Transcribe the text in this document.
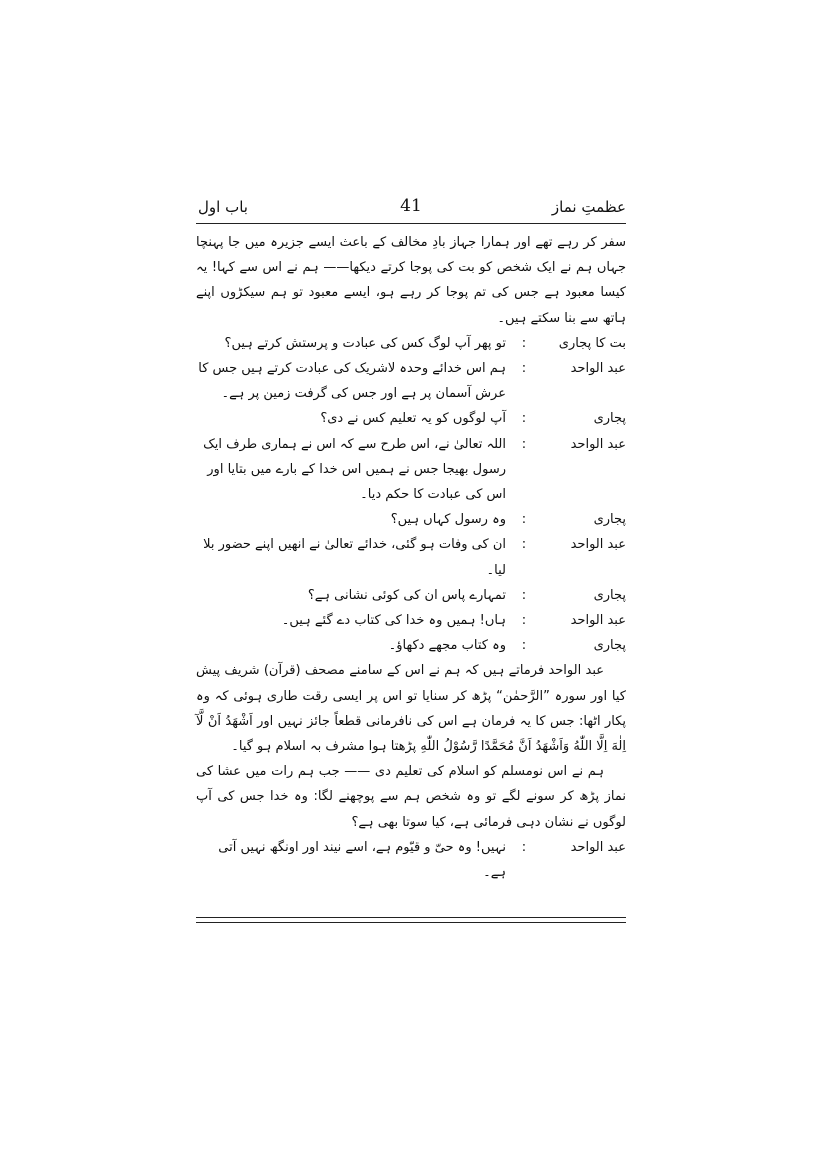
عظمتِ نماز
41
باب اول

سفر کر رہے تھے اور ہمارا جہاز بادِ مخالف کے باعث ایسے جزیرہ میں جا پہنچا جہاں ہم نے ایک شخص کو بت کی پوجا کرتے دیکھا—— ہم نے اس سے کہا! یہ کیسا معبود ہے جس کی تم پوجا کر رہے ہو، ایسے معبود تو ہم سیکڑوں اپنے ہاتھ سے بنا سکتے ہیں۔

بت کا پجاری
:
تو پھر آپ لوگ کس کی عبادت و پرستش کرتے ہیں؟
عبد الواحد
:
ہم اس خدائے وحدہ لاشریک کی عبادت کرتے ہیں جس کا عرش آسمان پر ہے اور جس کی گرفت زمین پر ہے۔
پجاری
:
آپ لوگوں کو یہ تعلیم کس نے دی؟
عبد الواحد
:
اللہ تعالیٰ نے، اس طرح سے کہ اس نے ہماری طرف ایک رسول بھیجا جس نے ہمیں اس خدا کے بارے میں بتایا اور اس کی عبادت کا حکم دیا۔
پجاری
:
وہ رسول کہاں ہیں؟
عبد الواحد
:
ان کی وفات ہو گئی، خدائے تعالیٰ نے انھیں اپنے حضور بلا لیا۔
پجاری
:
تمہارے پاس ان کی کوئی نشانی ہے؟
عبد الواحد
:
ہاں! ہمیں وہ خدا کی کتاب دے گئے ہیں۔
پجاری
:
وہ کتاب مجھے دکھاؤ۔

عبد الواحد فرماتے ہیں کہ ہم نے اس کے سامنے مصحف (قرآن) شریف پیش کیا اور سورہ ”الرَّحمٰن“ پڑھ کر سنایا تو اس پر ایسی رقت طاری ہوئی کہ وہ پکار اٹھا: جس کا یہ فرمان ہے اس کی نافرمانی قطعاً جائز نہیں اور اَشْهَدُ اَنْ لَّآ اِلٰهَ اِلَّا اللّٰهُ وَاَشْهَدُ اَنَّ مُحَمَّدًا رَّسُوْلُ اللّٰهِ پڑھتا ہوا مشرف بہ اسلام ہو گیا۔

ہم نے اس نومسلم کو اسلام کی تعلیم دی —— جب ہم رات میں عشا کی نماز پڑھ کر سونے لگے تو وہ شخص ہم سے پوچھنے لگا: وہ خدا جس کی آپ لوگوں نے نشان دہی فرمائی ہے، کیا سوتا بھی ہے؟

عبد الواحد
:
نہیں! وہ حیّ و قیّوم ہے، اسے نیند اور اونگھ نہیں آتی ہے۔
